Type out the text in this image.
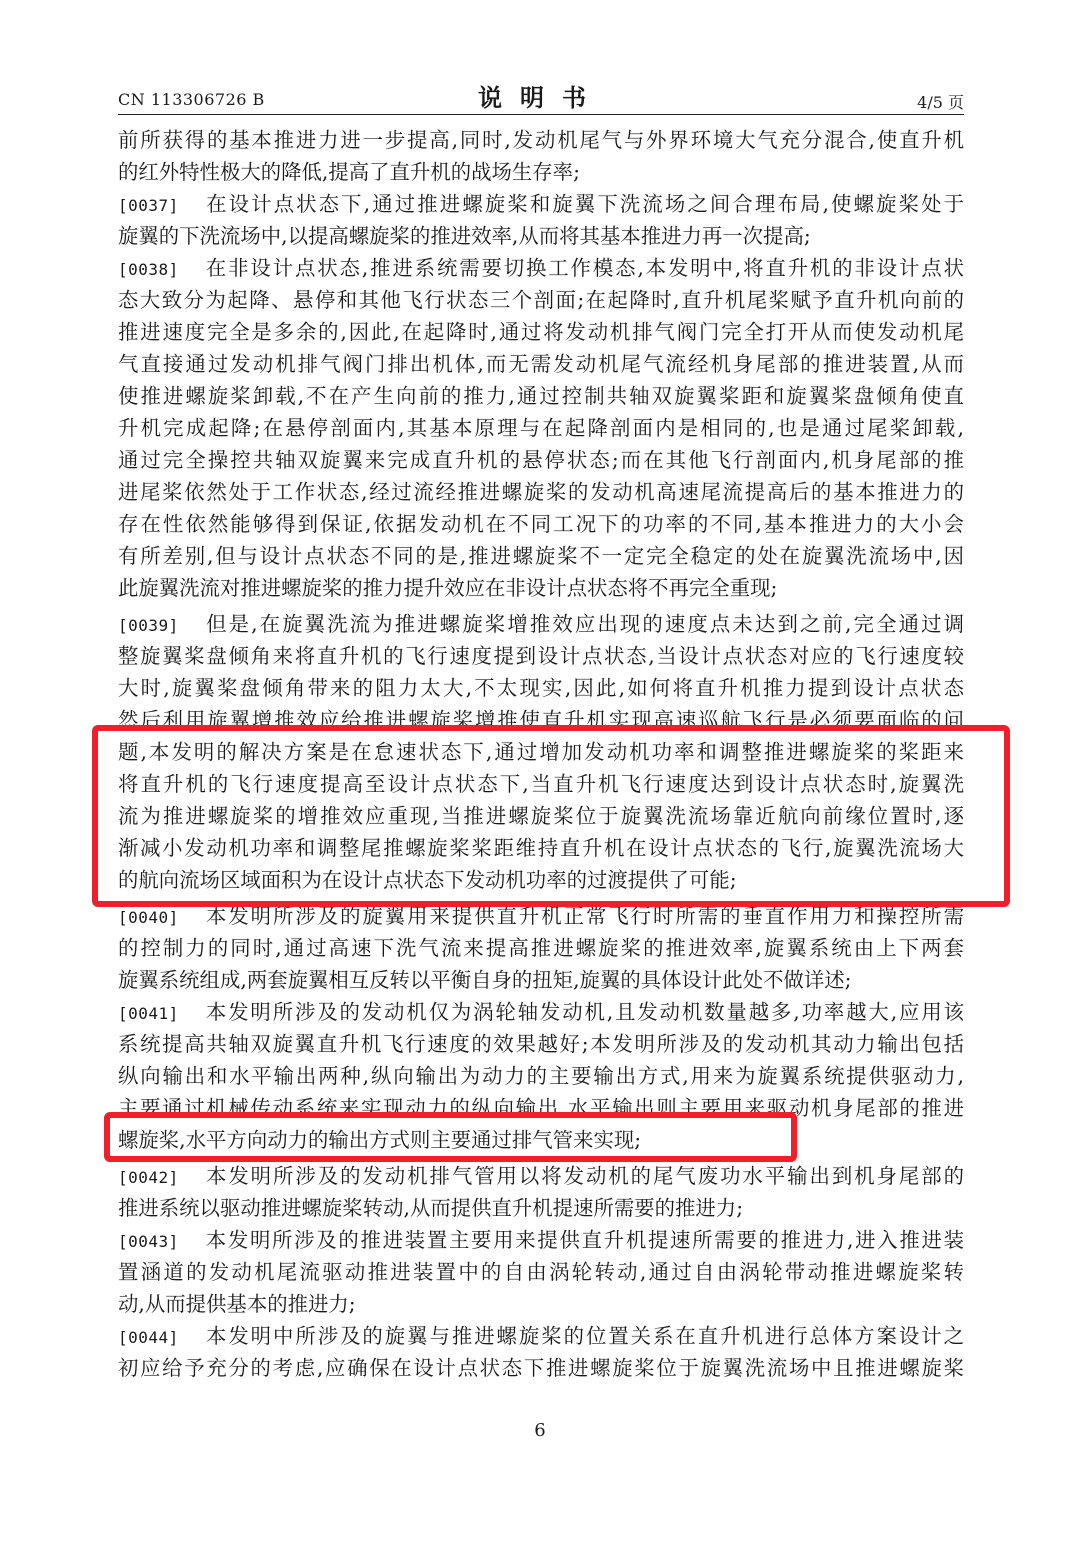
CN 113306726 B	说明书	4/5 页
前所获得的基本推进力进一步提高,同时,发动机尾气与外界环境大气充分混合,使直升机
的红外特性极大的降低,提高了直升机的战场生存率;
[0037] 在设计点状态下,通过推进螺旋桨和旋翼下洗流场之间合理布局,使螺旋桨处于
旋翼的下洗流场中,以提高螺旋桨的推进效率,从而将其基本推进力再一次提高;
[0038] 在非设计点状态,推进系统需要切换工作模态,本发明中,将直升机的非设计点状
态大致分为起降、悬停和其他飞行状态三个剖面;在起降时,直升机尾桨赋予直升机向前的
推进速度完全是多余的,因此,在起降时,通过将发动机排气阀门完全打开从而使发动机尾
气直接通过发动机排气阀门排出机体,而无需发动机尾气流经机身尾部的推进装置,从而
使推进螺旋桨卸载,不在产生向前的推力,通过控制共轴双旋翼桨距和旋翼桨盘倾角使直
升机完成起降;在悬停剖面内,其基本原理与在起降剖面内是相同的,也是通过尾桨卸载,
通过完全操控共轴双旋翼来完成直升机的悬停状态;而在其他飞行剖面内,机身尾部的推
进尾桨依然处于工作状态,经过流经推进螺旋桨的发动机高速尾流提高后的基本推进力的
存在性依然能够得到保证,依据发动机在不同工况下的功率的不同,基本推进力的大小会
有所差别,但与设计点状态不同的是,推进螺旋桨不一定完全稳定的处在旋翼洗流场中,因
此旋翼洗流对推进螺旋桨的推力提升效应在非设计点状态将不再完全重现;
[0039] 但是,在旋翼洗流为推进螺旋桨增推效应出现的速度点未达到之前,完全通过调
整旋翼桨盘倾角来将直升机的飞行速度提到设计点状态,当设计点状态对应的飞行速度较
大时,旋翼桨盘倾角带来的阻力太大,不太现实,因此,如何将直升机推力提到设计点状态
然后利用旋翼增推效应给推进螺旋桨增推使直升机实现高速巡航飞行是必须要面临的问
题,本发明的解决方案是在怠速状态下,通过增加发动机功率和调整推进螺旋桨的桨距来
将直升机的飞行速度提高至设计点状态下,当直升机飞行速度达到设计点状态时,旋翼洗
流为推进螺旋桨的增推效应重现,当推进螺旋桨位于旋翼洗流场靠近航向前缘位置时,逐
渐减小发动机功率和调整尾推螺旋桨桨距维持直升机在设计点状态的飞行,旋翼洗流场大
的航向流场区域面积为在设计点状态下发动机功率的过渡提供了可能;
[0040] 本发明所涉及的旋翼用来提供直升机正常飞行时所需的垂直作用力和操控所需
的控制力的同时,通过高速下洗气流来提高推进螺旋桨的推进效率,旋翼系统由上下两套
旋翼系统组成,两套旋翼相互反转以平衡自身的扭矩,旋翼的具体设计此处不做详述;
[0041] 本发明所涉及的发动机仅为涡轮轴发动机,且发动机数量越多,功率越大,应用该
系统提高共轴双旋翼直升机飞行速度的效果越好;本发明所涉及的发动机其动力输出包括
纵向输出和水平输出两种,纵向输出为动力的主要输出方式,用来为旋翼系统提供驱动力,
主要通过机械传动系统来实现动力的纵向输出,水平输出则主要用来驱动机身尾部的推进
螺旋桨,水平方向动力的输出方式则主要通过排气管来实现;
[0042] 本发明所涉及的发动机排气管用以将发动机的尾气废功水平输出到机身尾部的
推进系统以驱动推进螺旋桨转动,从而提供直升机提速所需要的推进力;
[0043] 本发明所涉及的推进装置主要用来提供直升机提速所需要的推进力,进入推进装
置涵道的发动机尾流驱动推进装置中的自由涡轮转动,通过自由涡轮带动推进螺旋桨转
动,从而提供基本的推进力;
[0044] 本发明中所涉及的旋翼与推进螺旋桨的位置关系在直升机进行总体方案设计之
初应给予充分的考虑,应确保在设计点状态下推进螺旋桨位于旋翼洗流场中且推进螺旋桨
6
